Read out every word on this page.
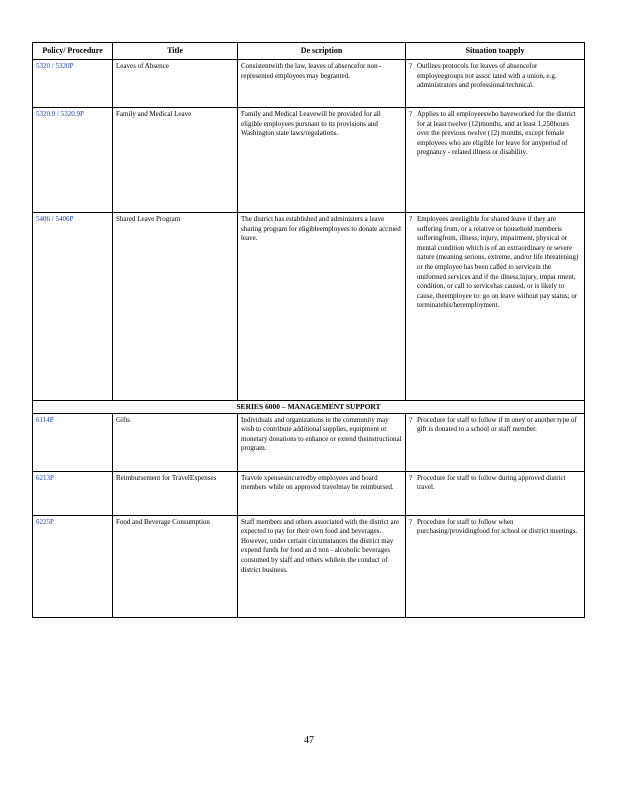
Policy/ Procedure	Title	De scription	Situation toapply
5320 / 5320P	Leaves of Absence	Consistentwith the law, leaves of absencefor non - represented employees may begranted.	? Outlines protocols for leaves of absencefor employeegroups not assoc iated with a union, e.g. administrators and professional/technical.

5320.9 / 5320.9P	Family and Medical Leave	Family and Medical Leavewill be provided for all eligible employees pursuant to its provisions and Washington state laws/regulations.	? Applies to all employeeswho haveworked for the district for at least twelve (12)months, and at least 1,250hours over the previous twelve (12) months, except female employees who are eligible for leave for anyperiod of pregnancy - related illness or disability.

5406 / 5406P	Shared Leave Program	The district has established and administers a leave sharing program for eligibleemployees to donate accrued leave.	? Employees areeligible for shared leave if they are suffering from, or a relative or household memberis sufferingfrom, illness, injury, impairment, physical or mental condition which is of an extraordinary or severe nature (meaning serious, extreme, and/or life threatening) or the employee has been called to servicein the uniformed services and if the illness,injury, impai rment, condition, or call to servicehas caused, or is likely to cause, theemployee to: go on leave without pay status; or terminatehis/heremployment.

SERIES 6000 – MANAGEMENT SUPPORT			
6114P	Gifts	Individuals and organizations in the community may wish to contribute additional supplies, equipment or monetary donations to enhance or extend theinstructional program.	? Procedure for staff to follow if m oney or another type of gift is donated to a school or staff member.

6213P	Reimbursement for TravelExpenses	Travele xpensesincurredby employees and board members while on approved travelmay be reimbursed.	? Procedure for staff to follow during approved district travel.

6225P	Food and Beverage Consumption	Staff members and others associated with the district are expected to pay for their own food and beverages. However, under certain circumstances the district may expend funds for food an d non - alcoholic beverages consumed by staff and others whilein the conduct of district business.	? Procedure for staff to follow when purchasing/providingfood for school or district meetings.
47
